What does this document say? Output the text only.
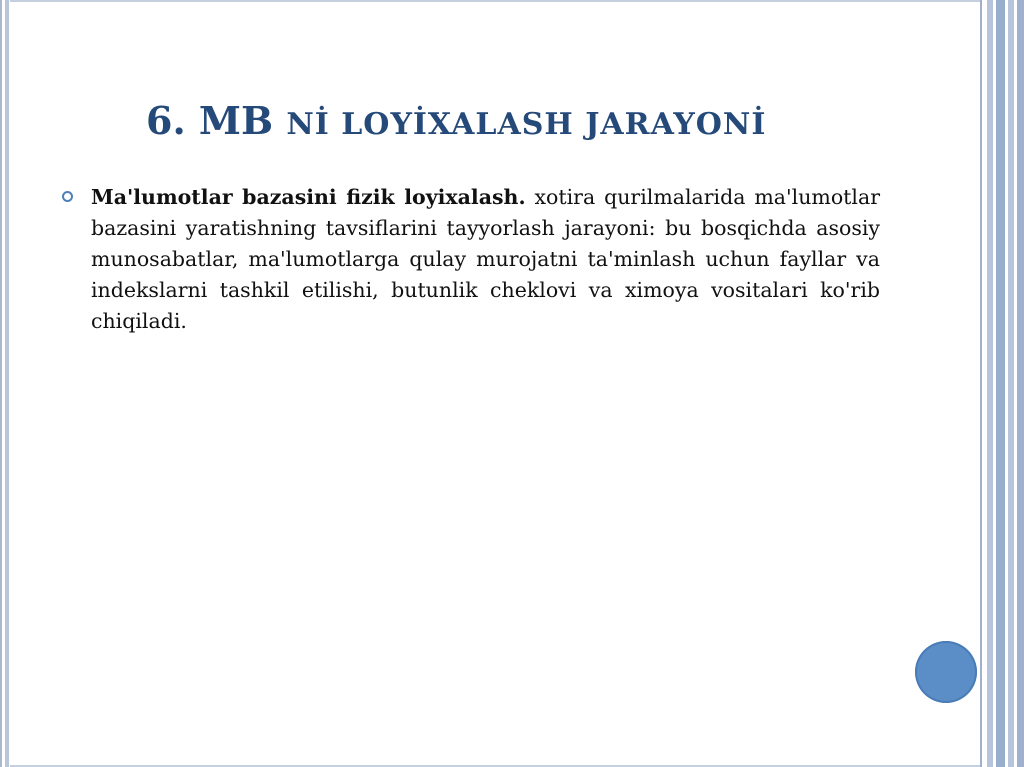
6. MB Nİ LOYİXALASH JARAYONİ

Ma'lumotlar bazasini fizik loyixalash. xotira qurilmalarida ma'lumotlar bazasini yaratishning tavsiflarini tayyorlash jarayoni: bu bosqichda asosiy munosabatlar, ma'lumotlarga qulay murojatni ta'minlash uchun fayllar va indekslarni tashkil etilishi, butunlik cheklovi va ximoya vositalari ko'rib chiqiladi.
